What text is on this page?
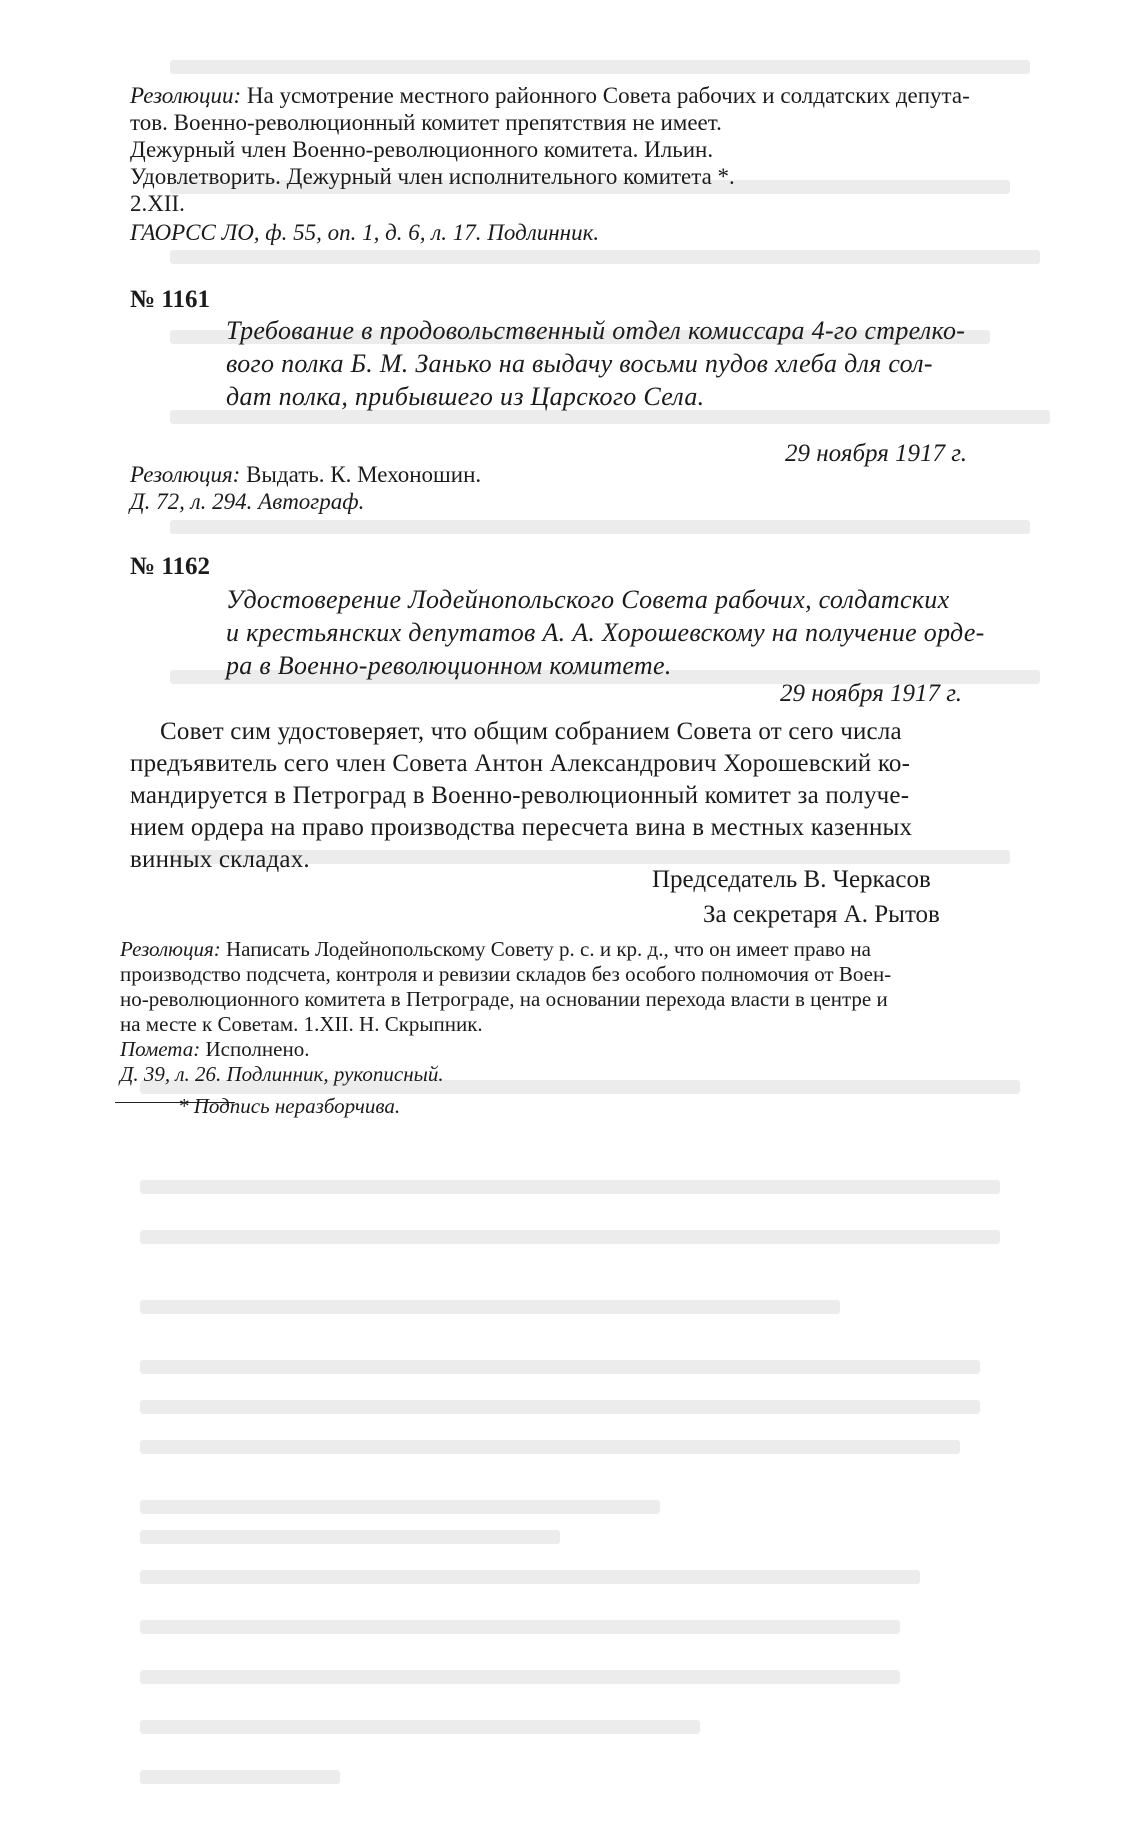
Резолюции: На усмотрение местного районного Совета рабочих и солдатских депута-
тов. Военно-революционный комитет препятствия не имеет.
Дежурный член Военно-революционного комитета. Ильин.
Удовлетворить. Дежурный член исполнительного комитета *.
2.XII.
ГАОРСС ЛО, ф. 55, оп. 1, д. 6, л. 17. Подлинник.
№ 1161
Требование в продовольственный отдел комиссара 4-го стрелко-
вого полка Б. М. Занько на выдачу восьми пудов хлеба для сол-
дат полка, прибывшего из Царского Села.
29 ноября 1917 г.
Резолюция: Выдать. К. Мехоношин.
Д. 72, л. 294. Автограф.
№ 1162
Удостоверение Лодейнопольского Совета рабочих, солдатских
и крестьянских депутатов А. А. Хорошевскому на получение орде-
ра в Военно-революционном комитете.
29 ноября 1917 г.
Совет сим удостоверяет, что общим собранием Совета от сего числа
предъявитель сего член Совета Антон Александрович Хорошевский ко-
мандируется в Петроград в Военно-революционный комитет за получе-
нием ордера на право производства пересчета вина в местных казенных
винных складах.
Председатель В. Черкасов
За секретаря А. Рытов
Резолюция: Написать Лодейнопольскому Совету р. с. и кр. д., что он имеет право на
производство подсчета, контроля и ревизии складов без особого полномочия от Воен-
но-революционного комитета в Петрограде, на основании перехода власти в центре и
на месте к Советам. 1.XII. Н. Скрыпник.
Помета: Исполнено.
Д. 39, л. 26. Подлинник, рукописный.
* Подпись неразборчива.
